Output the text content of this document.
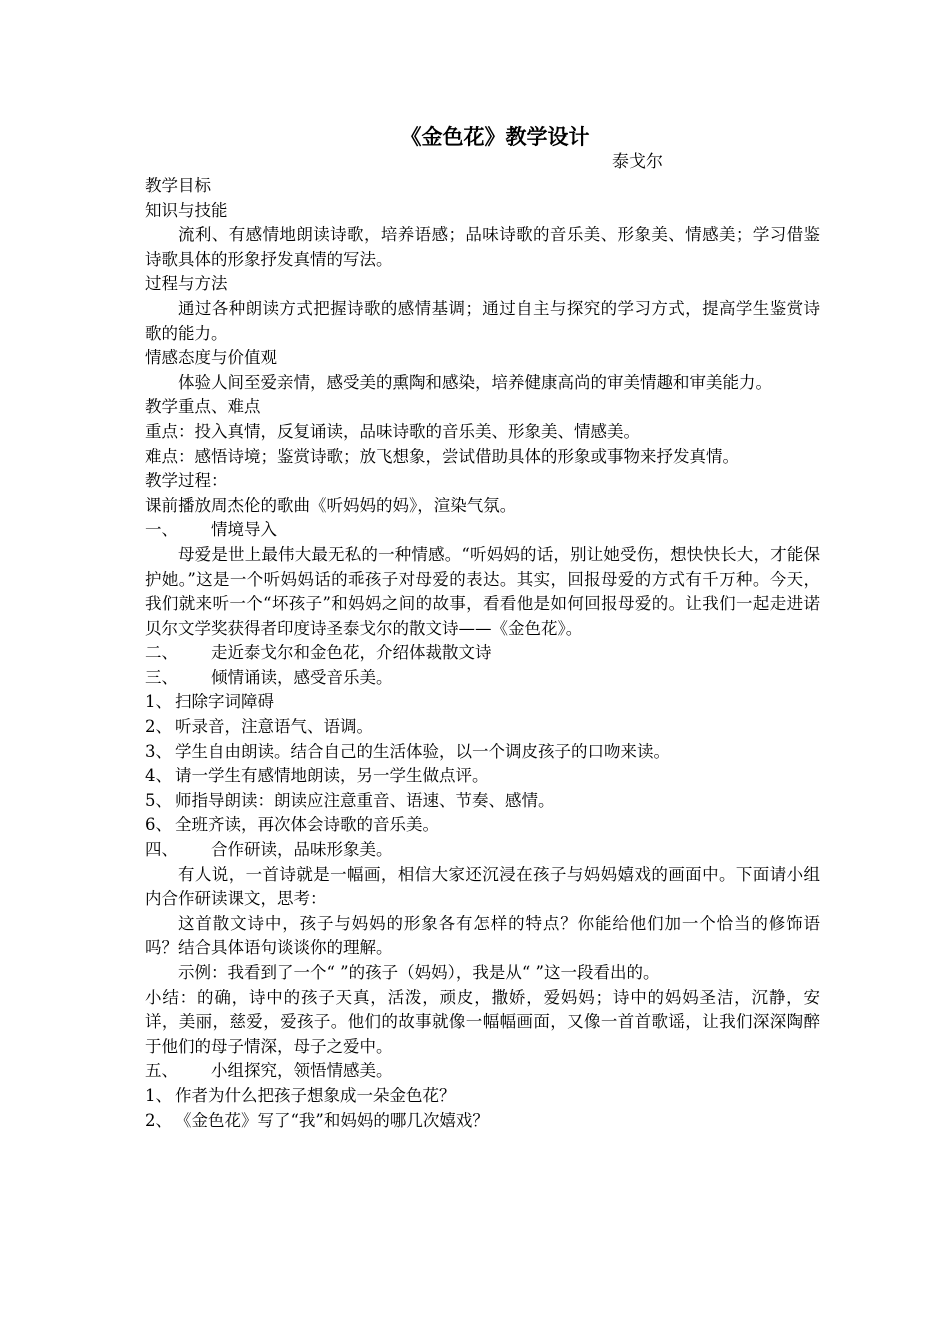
《金色花》教学设计
泰戈尔

教学目标

知识与技能

流利、有感情地朗读诗歌，培养语感；品味诗歌的音乐美、形象美、情感美；学习借鉴诗歌具体的形象抒发真情的写法。

过程与方法

通过各种朗读方式把握诗歌的感情基调；通过自主与探究的学习方式，提高学生鉴赏诗歌的能力。

情感态度与价值观

体验人间至爱亲情，感受美的熏陶和感染，培养健康高尚的审美情趣和审美能力。

教学重点、难点

重点：投入真情，反复诵读，品味诗歌的音乐美、形象美、情感美。

难点：感悟诗境；鉴赏诗歌；放飞想象，尝试借助具体的形象或事物来抒发真情。

教学过程：

课前播放周杰伦的歌曲《听妈妈的妈》，渲染气氛。

一、	情境导入

母爱是世上最伟大最无私的一种情感。“听妈妈的话，别让她受伤，想快快长大，才能保护她。”这是一个听妈妈话的乖孩子对母爱的表达。其实，回报母爱的方式有千万种。今天，我们就来听一个“坏孩子”和妈妈之间的故事，看看他是如何回报母爱的。让我们一起走进诺贝尔文学奖获得者印度诗圣泰戈尔的散文诗——《金色花》。

二、	走近泰戈尔和金色花，介绍体裁散文诗
三、	倾情诵读，感受音乐美。
1、 扫除字词障碍
2、 听录音，注意语气、语调。
3、 学生自由朗读。结合自己的生活体验，以一个调皮孩子的口吻来读。
4、 请一学生有感情地朗读，另一学生做点评。
5、 师指导朗读：朗读应注意重音、语速、节奏、感情。
6、 全班齐读，再次体会诗歌的音乐美。
四、	合作研读，品味形象美。

有人说，一首诗就是一幅画，相信大家还沉浸在孩子与妈妈嬉戏的画面中。下面请小组内合作研读课文，思考：

这首散文诗中，孩子与妈妈的形象各有怎样的特点？你能给他们加一个恰当的修饰语吗？结合具体语句谈谈你的理解。

示例：我看到了一个“ ”的孩子（妈妈），我是从“ ”这一段看出的。

小结：的确，诗中的孩子天真，活泼，顽皮，撒娇，爱妈妈；诗中的妈妈圣洁，沉静，安详，美丽，慈爱，爱孩子。他们的故事就像一幅幅画面，又像一首首歌谣，让我们深深陶醉于他们的母子情深，母子之爱中。

五、	小组探究，领悟情感美。
1、 作者为什么把孩子想象成一朵金色花？
2、 《金色花》写了“我”和妈妈的哪几次嬉戏？
